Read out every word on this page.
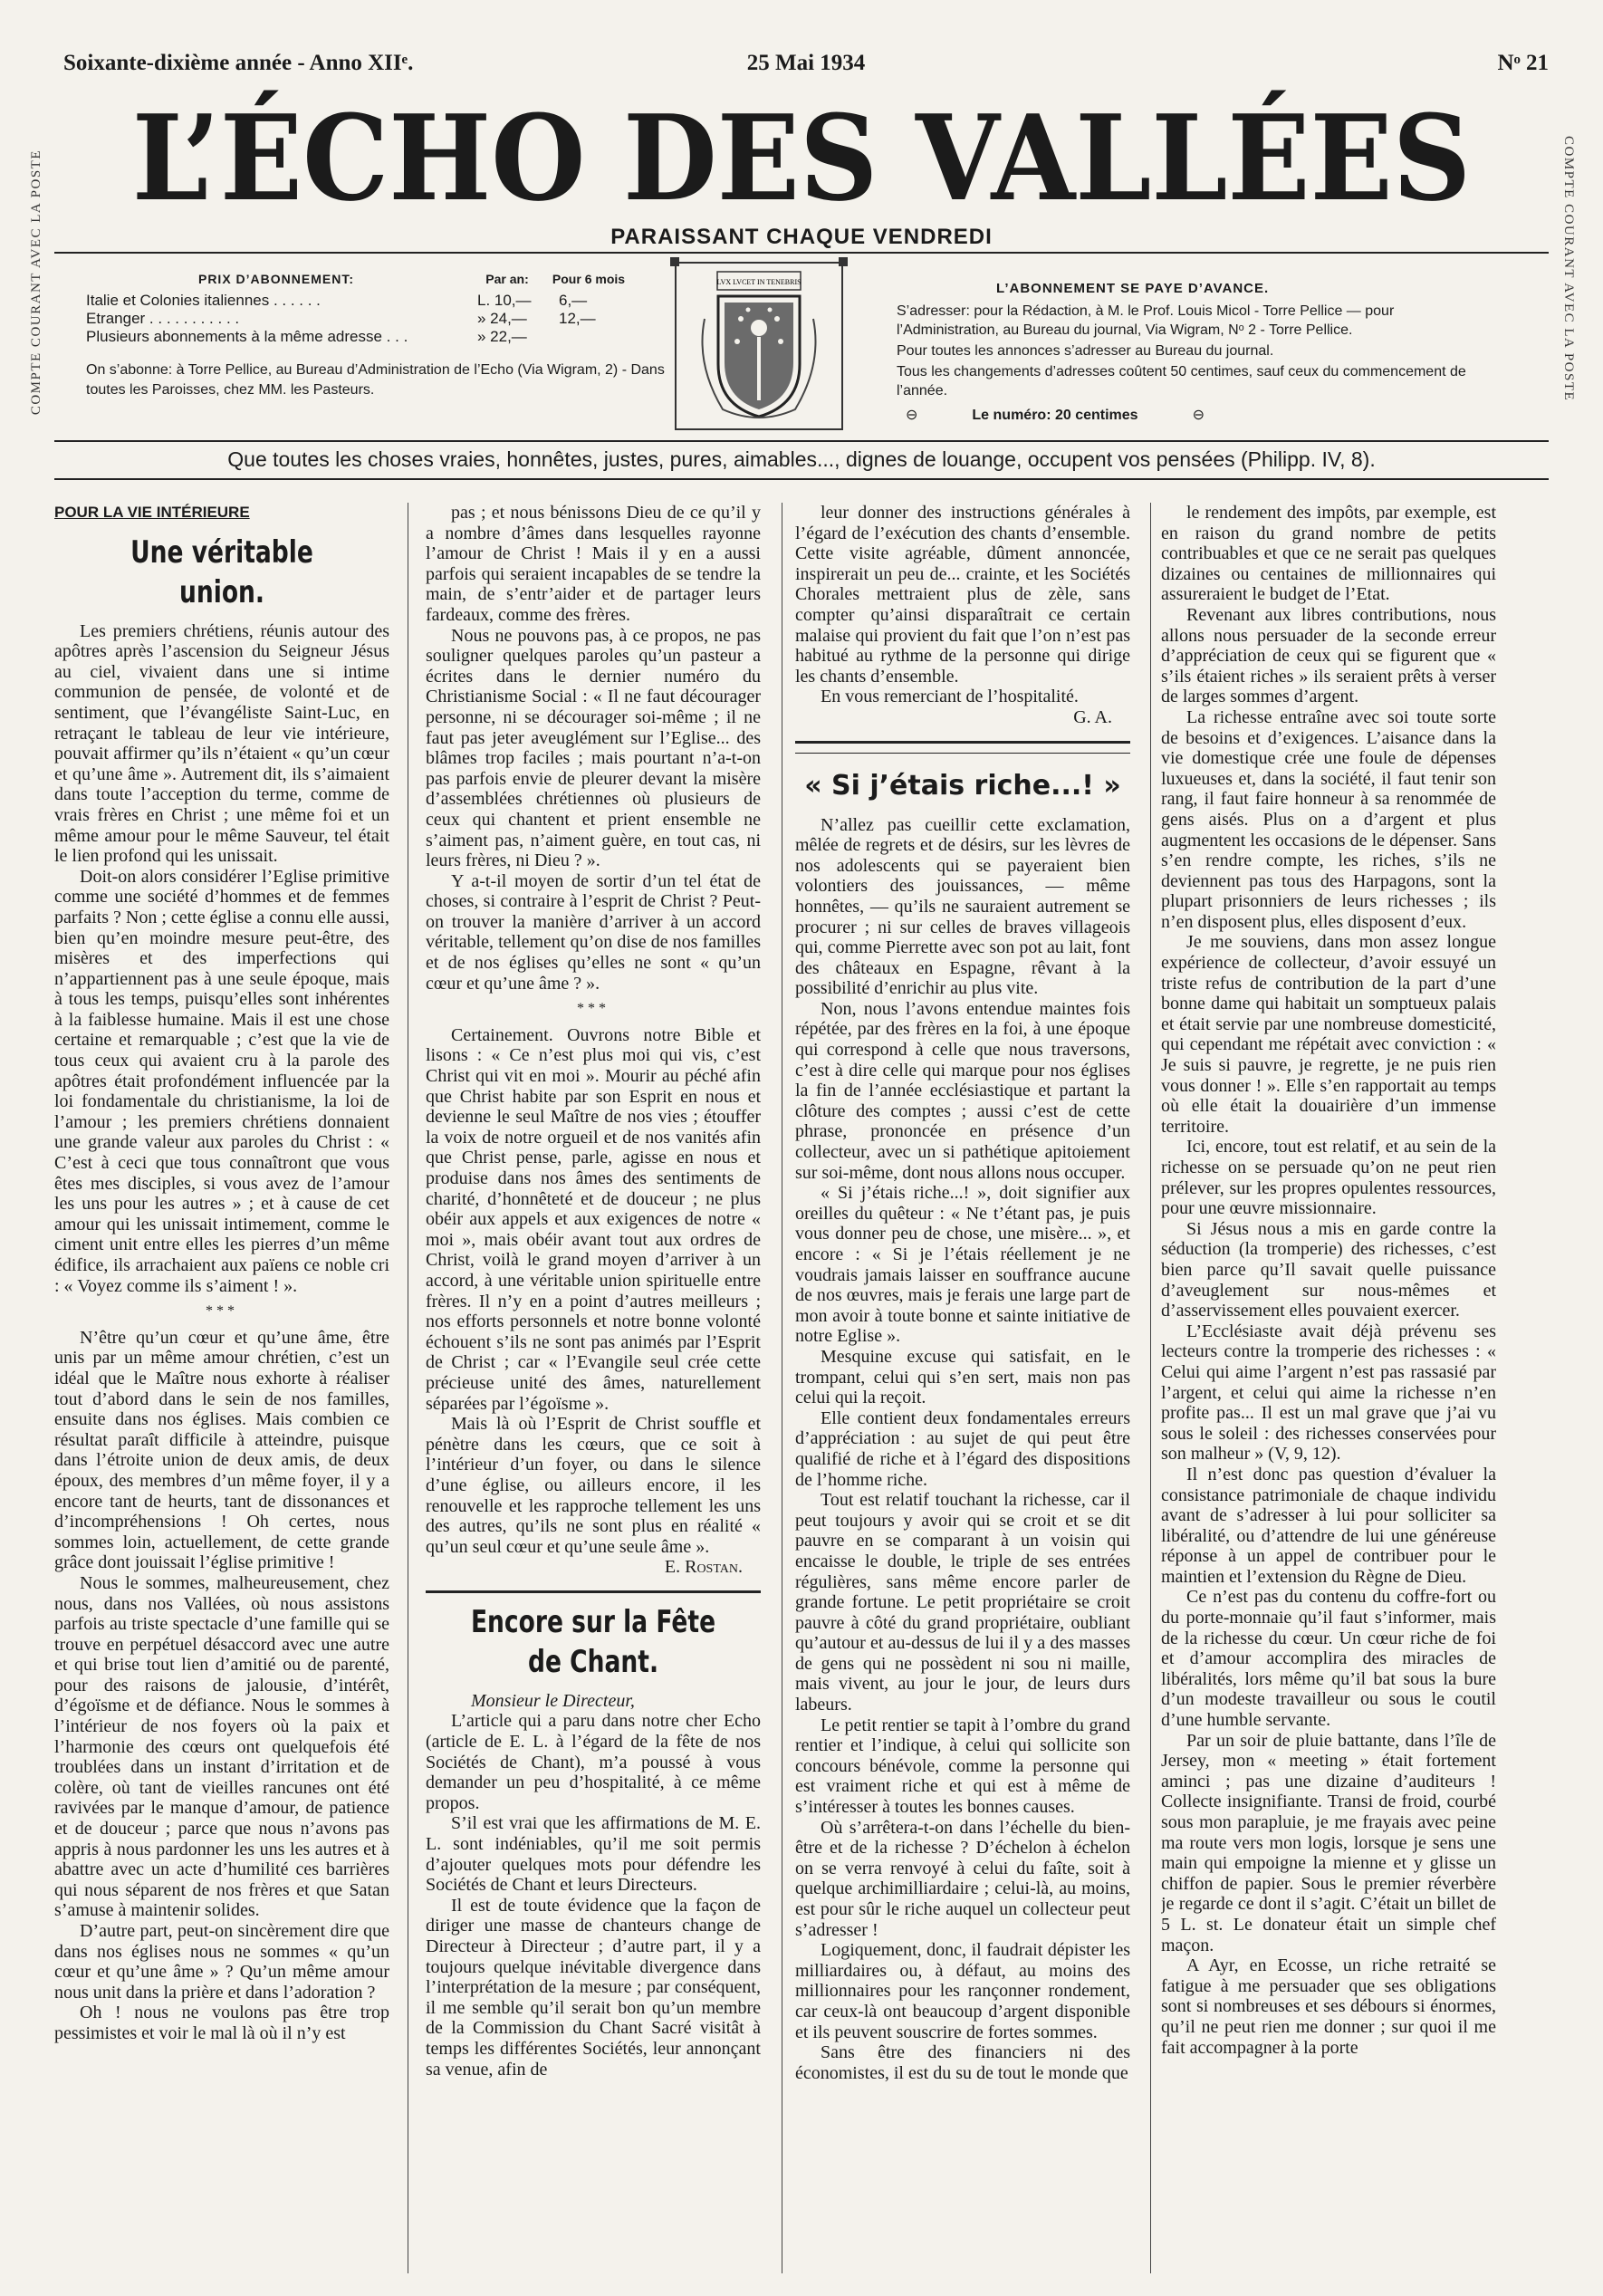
Soixante-dixième année - Anno XIIᵉ.	25 Mai 1934	Nᵒ 21
COMPTE COURANT AVEC LA POSTE	COMPTE COURANT AVEC LA POSTE
L’ÉCHO DES VALLÉES
PARAISSANT CHAQUE VENDREDI
PRIX D’ABONNEMENT:	Par an:	Pour 6 mois
Italie et Colonies italiennes . . . . . .	L. 10,—	6,—
Etranger . . . . . . . . . . .	» 24,—	12,—
Plusieurs abonnements à la même adresse . . .	» 22,—
On s’abonne: à Torre Pellice, au Bureau d’Administration de l’Echo (Via Wigram, 2) - Dans toutes les Paroisses, chez MM. les Pasteurs.
LVX LVCET IN TENEBRIS	L’ABONNEMENT SE PAYE D’AVANCE.

S’adresser: pour la Rédaction, à M. le Prof. Louis Micol - Torre Pellice — pour l’Administration, au Bureau du journal, Via Wigram, Nᵒ 2 - Torre Pellice.

Pour toutes les annonces s’adresser au Bureau du journal.

Tous les changements d’adresses coûtent 50 centimes, sauf ceux du commencement de l’année.

⊖	Le numéro: 20 centimes	⊖
Que toutes les choses vraies, honnêtes, justes, pures, aimables..., dignes de louange, occupent vos pensées (Philipp. IV, 8).

POUR LA VIE INTÉRIEURE

Une véritable union.

Les premiers chrétiens, réunis autour des apôtres après l’ascension du Seigneur Jésus au ciel, vivaient dans une si intime communion de pensée, de volonté et de sentiment, que l’évangéliste Saint-Luc, en retraçant le tableau de leur vie intérieure, pouvait affirmer qu’ils n’étaient « qu’un cœur et qu’une âme ». Autrement dit, ils s’aimaient dans toute l’acception du terme, comme de vrais frères en Christ ; une même foi et un même amour pour le même Sauveur, tel était le lien profond qui les unissait.

Doit-on alors considérer l’Eglise primitive comme une société d’hommes et de femmes parfaits ? Non ; cette église a connu elle aussi, bien qu’en moindre mesure peut-être, des misères et des imperfections qui n’appartiennent pas à une seule époque, mais à tous les temps, puisqu’elles sont inhérentes à la faiblesse humaine. Mais il est une chose certaine et remarquable ; c’est que la vie de tous ceux qui avaient cru à la parole des apôtres était profondément influencée par la loi fondamentale du christianisme, la loi de l’amour ; les premiers chrétiens donnaient une grande valeur aux paroles du Christ : « C’est à ceci que tous connaîtront que vous êtes mes disciples, si vous avez de l’amour les uns pour les autres » ; et à cause de cet amour qui les unissait intimement, comme le ciment unit entre elles les pierres d’un même édifice, ils arrachaient aux païens ce noble cri : « Voyez comme ils s’aiment ! ».

***

N’être qu’un cœur et qu’une âme, être unis par un même amour chrétien, c’est un idéal que le Maître nous exhorte à réaliser tout d’abord dans le sein de nos familles, ensuite dans nos églises. Mais combien ce résultat paraît difficile à atteindre, puisque dans l’étroite union de deux amis, de deux époux, des membres d’un même foyer, il y a encore tant de heurts, tant de dissonances et d’incompréhensions ! Oh certes, nous sommes loin, actuellement, de cette grande grâce dont jouissait l’église primitive !

Nous le sommes, malheureusement, chez nous, dans nos Vallées, où nous assistons parfois au triste spectacle d’une famille qui se trouve en perpétuel désaccord avec une autre et qui brise tout lien d’amitié ou de parenté, pour des raisons de jalousie, d’intérêt, d’égoïsme et de défiance. Nous le sommes à l’intérieur de nos foyers où la paix et l’harmonie des cœurs ont quelquefois été troublées dans un instant d’irritation et de colère, où tant de vieilles rancunes ont été ravivées par le manque d’amour, de patience et de douceur ; parce que nous n’avons pas appris à nous pardonner les uns les autres et à abattre avec un acte d’humilité ces barrières qui nous séparent de nos frères et que Satan s’amuse à maintenir solides.

D’autre part, peut-on sincèrement dire que dans nos églises nous ne sommes « qu’un cœur et qu’une âme » ? Qu’un même amour nous unit dans la prière et dans l’adoration ?

Oh ! nous ne voulons pas être trop pessimistes et voir le mal là où il n’y est

pas ; et nous bénissons Dieu de ce qu’il y a nombre d’âmes dans lesquelles rayonne l’amour de Christ ! Mais il y en a aussi parfois qui seraient incapables de se tendre la main, de s’entr’aider et de partager leurs fardeaux, comme des frères.

Nous ne pouvons pas, à ce propos, ne pas souligner quelques paroles qu’un pasteur a écrites dans le dernier numéro du Christianisme Social : « Il ne faut décourager personne, ni se décourager soi-même ; il ne faut pas jeter aveuglément sur l’Eglise... des blâmes trop faciles ; mais pourtant n’a-t-on pas parfois envie de pleurer devant la misère d’assemblées chrétiennes où plusieurs de ceux qui chantent et prient ensemble ne s’aiment pas, n’aiment guère, en tout cas, ni leurs frères, ni Dieu ? ».

Y a-t-il moyen de sortir d’un tel état de choses, si contraire à l’esprit de Christ ? Peut-on trouver la manière d’arriver à un accord véritable, tellement qu’on dise de nos familles et de nos églises qu’elles ne sont « qu’un cœur et qu’une âme ? ».

***

Certainement. Ouvrons notre Bible et lisons : « Ce n’est plus moi qui vis, c’est Christ qui vit en moi ». Mourir au péché afin que Christ habite par son Esprit en nous et devienne le seul Maître de nos vies ; étouffer la voix de notre orgueil et de nos vanités afin que Christ pense, parle, agisse en nous et produise dans nos âmes des sentiments de charité, d’honnêteté et de douceur ; ne plus obéir aux appels et aux exigences de notre « moi », mais obéir avant tout aux ordres de Christ, voilà le grand moyen d’arriver à un accord, à une véritable union spirituelle entre frères. Il n’y en a point d’autres meilleurs ; nos efforts personnels et notre bonne volonté échouent s’ils ne sont pas animés par l’Esprit de Christ ; car « l’Evangile seul crée cette précieuse unité des âmes, naturellement séparées par l’égoïsme ».

Mais là où l’Esprit de Christ souffle et pénètre dans les cœurs, que ce soit à l’intérieur d’un foyer, ou dans le silence d’une église, ou ailleurs encore, il les renouvelle et les rapproche tellement les uns des autres, qu’ils ne sont plus en réalité « qu’un seul cœur et qu’une seule âme ».

E. Rostan.

Encore sur la Fête de Chant.

Monsieur le Directeur,

L’article qui a paru dans notre cher Echo (article de E. L. à l’égard de la fête de nos Sociétés de Chant), m’a poussé à vous demander un peu d’hospitalité, à ce même propos.

S’il est vrai que les affirmations de M. E. L. sont indéniables, qu’il me soit permis d’ajouter quelques mots pour défendre les Sociétés de Chant et leurs Directeurs.

Il est de toute évidence que la façon de diriger une masse de chanteurs change de Directeur à Directeur ; d’autre part, il y a toujours quelque inévitable divergence dans l’interprétation de la mesure ; par conséquent, il me semble qu’il serait bon qu’un membre de la Commission du Chant Sacré visitât à temps les différentes Sociétés, leur annonçant sa venue, afin de

leur donner des instructions générales à l’égard de l’exécution des chants d’ensemble. Cette visite agréable, dûment annoncée, inspirerait un peu de... crainte, et les Sociétés Chorales mettraient plus de zèle, sans compter qu’ainsi disparaîtrait ce certain malaise qui provient du fait que l’on n’est pas habitué au rythme de la personne qui dirige les chants d’ensemble.

En vous remerciant de l’hospitalité.

G. A.

« Si j’étais riche...! »

N’allez pas cueillir cette exclamation, mêlée de regrets et de désirs, sur les lèvres de nos adolescents qui se payeraient bien volontiers des jouissances, — même honnêtes, — qu’ils ne sauraient autrement se procurer ; ni sur celles de braves villageois qui, comme Pierrette avec son pot au lait, font des châteaux en Espagne, rêvant à la possibilité d’enrichir au plus vite.

Non, nous l’avons entendue maintes fois répétée, par des frères en la foi, à une époque qui correspond à celle que nous traversons, c’est à dire celle qui marque pour nos églises la fin de l’année ecclésiastique et partant la clôture des comptes ; aussi c’est de cette phrase, prononcée en présence d’un collecteur, avec un si pathétique apitoiement sur soi-même, dont nous allons nous occuper.

« Si j’étais riche...! », doit signifier aux oreilles du quêteur : « Ne t’étant pas, je puis vous donner peu de chose, une misère... », et encore : « Si je l’étais réellement je ne voudrais jamais laisser en souffrance aucune de nos œuvres, mais je ferais une large part de mon avoir à toute bonne et sainte initiative de notre Eglise ».

Mesquine excuse qui satisfait, en le trompant, celui qui s’en sert, mais non pas celui qui la reçoit.

Elle contient deux fondamentales erreurs d’appréciation : au sujet de qui peut être qualifié de riche et à l’égard des dispositions de l’homme riche.

Tout est relatif touchant la richesse, car il peut toujours y avoir qui se croit et se dit pauvre en se comparant à un voisin qui encaisse le double, le triple de ses entrées régulières, sans même encore parler de grande fortune. Le petit propriétaire se croit pauvre à côté du grand propriétaire, oubliant qu’autour et au-dessus de lui il y a des masses de gens qui ne possèdent ni sou ni maille, mais vivent, au jour le jour, de leurs durs labeurs.

Le petit rentier se tapit à l’ombre du grand rentier et l’indique, à celui qui sollicite son concours bénévole, comme la personne qui est vraiment riche et qui est à même de s’intéresser à toutes les bonnes causes.

Où s’arrêtera-t-on dans l’échelle du bien-être et de la richesse ? D’échelon à échelon on se verra renvoyé à celui du faîte, soit à quelque archimilliardaire ; celui-là, au moins, est pour sûr le riche auquel un collecteur peut s’adresser !

Logiquement, donc, il faudrait dépister les milliardaires ou, à défaut, au moins des millionnaires pour les rançonner rondement, car ceux-là ont beaucoup d’argent disponible et ils peuvent souscrire de fortes sommes.

Sans être des financiers ni des économistes, il est du su de tout le monde que

le rendement des impôts, par exemple, est en raison du grand nombre de petits contribuables et que ce ne serait pas quelques dizaines ou centaines de millionnaires qui assureraient le budget de l’Etat.

Revenant aux libres contributions, nous allons nous persuader de la seconde erreur d’appréciation de ceux qui se figurent que « s’ils étaient riches » ils seraient prêts à verser de larges sommes d’argent.

La richesse entraîne avec soi toute sorte de besoins et d’exigences. L’aisance dans la vie domestique crée une foule de dépenses luxueuses et, dans la société, il faut tenir son rang, il faut faire honneur à sa renommée de gens aisés. Plus on a d’argent et plus augmentent les occasions de le dépenser. Sans s’en rendre compte, les riches, s’ils ne deviennent pas tous des Harpagons, sont la plupart prisonniers de leurs richesses ; ils n’en disposent plus, elles disposent d’eux.

Je me souviens, dans mon assez longue expérience de collecteur, d’avoir essuyé un triste refus de contribution de la part d’une bonne dame qui habitait un somptueux palais et était servie par une nombreuse domesticité, qui cependant me répétait avec conviction : « Je suis si pauvre, je regrette, je ne puis rien vous donner ! ». Elle s’en rapportait au temps où elle était la douairière d’un immense territoire.

Ici, encore, tout est relatif, et au sein de la richesse on se persuade qu’on ne peut rien prélever, sur les propres opulentes ressources, pour une œuvre missionnaire.

Si Jésus nous a mis en garde contre la séduction (la tromperie) des richesses, c’est bien parce qu’Il savait quelle puissance d’aveuglement sur nous-mêmes et d’asservissement elles pouvaient exercer.

L’Ecclésiaste avait déjà prévenu ses lecteurs contre la tromperie des richesses : « Celui qui aime l’argent n’est pas rassasié par l’argent, et celui qui aime la richesse n’en profite pas... Il est un mal grave que j’ai vu sous le soleil : des richesses conservées pour son malheur » (V, 9, 12).

Il n’est donc pas question d’évaluer la consistance patrimoniale de chaque individu avant de s’adresser à lui pour solliciter sa libéralité, ou d’attendre de lui une généreuse réponse à un appel de contribuer pour le maintien et l’extension du Règne de Dieu.

Ce n’est pas du contenu du coffre-fort ou du porte-monnaie qu’il faut s’informer, mais de la richesse du cœur. Un cœur riche de foi et d’amour accomplira des miracles de libéralités, lors même qu’il bat sous la bure d’un modeste travailleur ou sous le coutil d’une humble servante.

Par un soir de pluie battante, dans l’île de Jersey, mon « meeting » était fortement aminci ; pas une dizaine d’auditeurs ! Collecte insignifiante. Transi de froid, courbé sous mon parapluie, je me frayais avec peine ma route vers mon logis, lorsque je sens une main qui empoigne la mienne et y glisse un chiffon de papier. Sous le premier réverbère je regarde ce dont il s’agit. C’était un billet de 5 L. st. Le donateur était un simple chef maçon.

A Ayr, en Ecosse, un riche retraité se fatigue à me persuader que ses obligations sont si nombreuses et ses débours si énormes, qu’il ne peut rien me donner ; sur quoi il me fait accompagner à la porte
